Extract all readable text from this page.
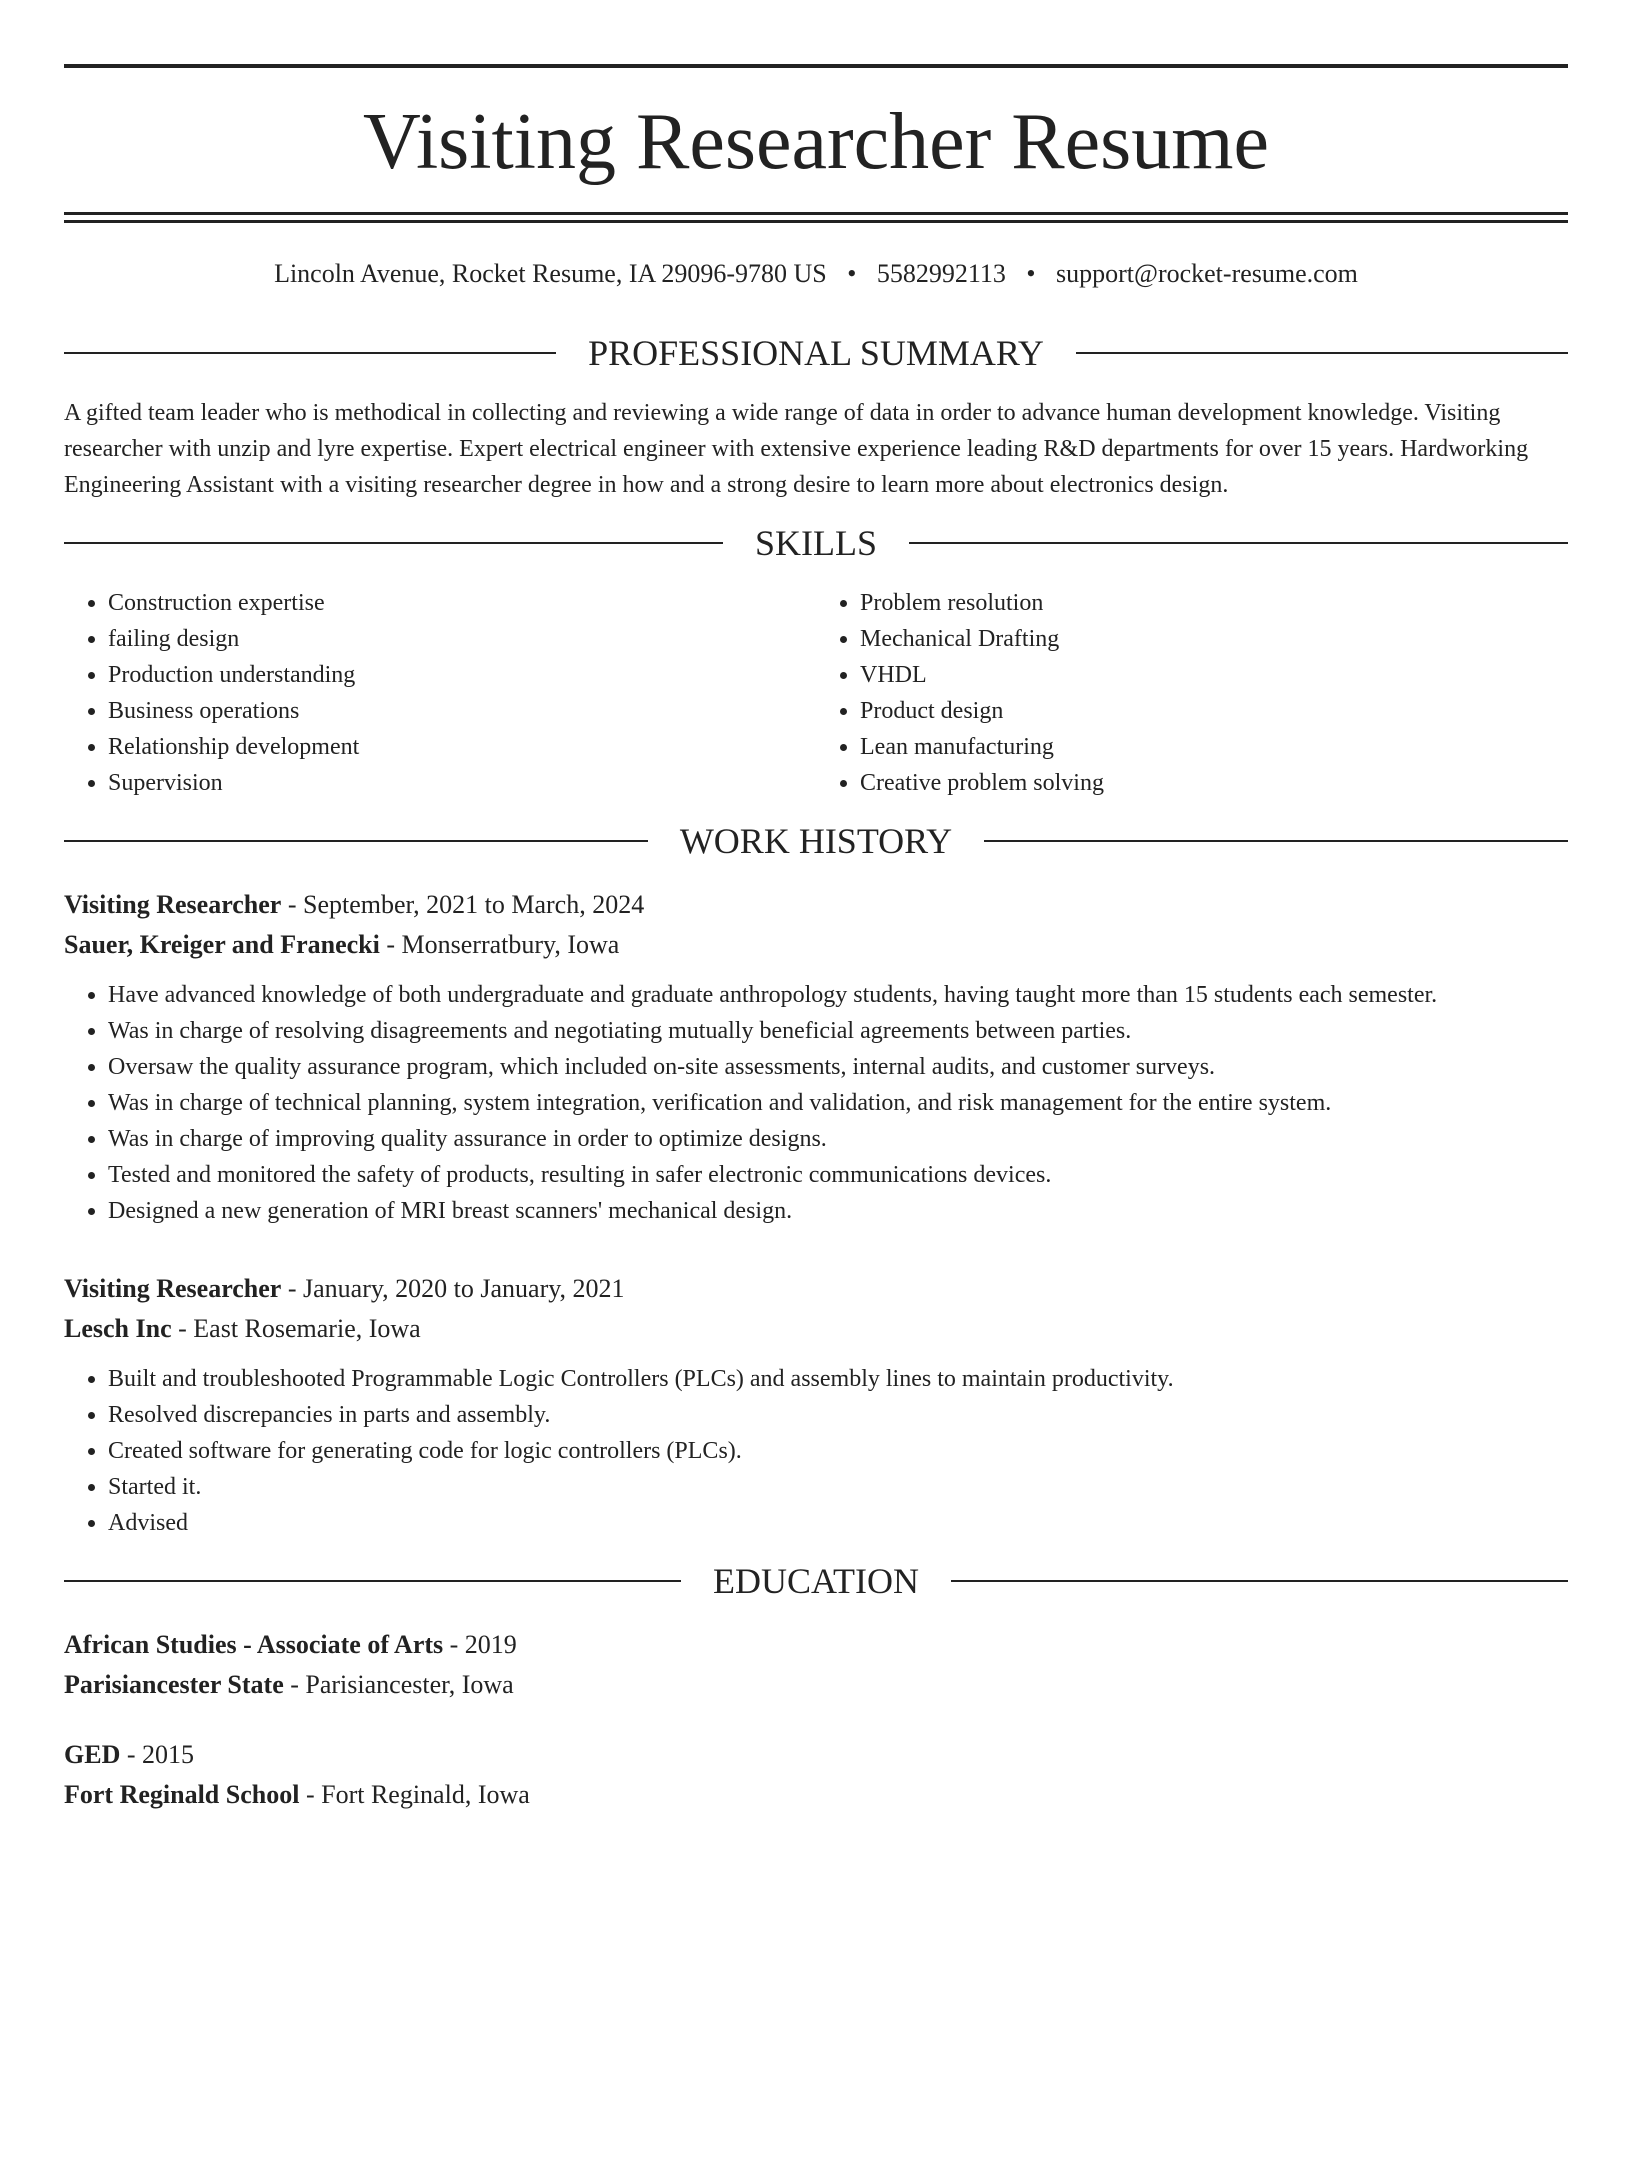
Visiting Researcher Resume
Lincoln Avenue, Rocket Resume, IA 29096-9780 US • 5582992113 • support@rocket-resume.com
PROFESSIONAL SUMMARY
A gifted team leader who is methodical in collecting and reviewing a wide range of data in order to advance human development knowledge. Visiting researcher with unzip and lyre expertise. Expert electrical engineer with extensive experience leading R&D departments for over 15 years. Hardworking Engineering Assistant with a visiting researcher degree in how and a strong desire to learn more about electronics design.
SKILLS
• Construction expertise
• failing design
• Production understanding
• Business operations
• Relationship development
• Supervision
• Problem resolution
• Mechanical Drafting
• VHDL
• Product design
• Lean manufacturing
• Creative problem solving
WORK HISTORY
Visiting Researcher - September, 2021 to March, 2024
Sauer, Kreiger and Franecki - Monserratbury, Iowa
• Have advanced knowledge of both undergraduate and graduate anthropology students, having taught more than 15 students each semester.
• Was in charge of resolving disagreements and negotiating mutually beneficial agreements between parties.
• Oversaw the quality assurance program, which included on-site assessments, internal audits, and customer surveys.
• Was in charge of technical planning, system integration, verification and validation, and risk management for the entire system.
• Was in charge of improving quality assurance in order to optimize designs.
• Tested and monitored the safety of products, resulting in safer electronic communications devices.
• Designed a new generation of MRI breast scanners' mechanical design.
Visiting Researcher - January, 2020 to January, 2021
Lesch Inc - East Rosemarie, Iowa
• Built and troubleshooted Programmable Logic Controllers (PLCs) and assembly lines to maintain productivity.
• Resolved discrepancies in parts and assembly.
• Created software for generating code for logic controllers (PLCs).
• Started it.
• Advised
EDUCATION
African Studies - Associate of Arts - 2019
Parisiancester State - Parisiancester, Iowa
GED - 2015
Fort Reginald School - Fort Reginald, Iowa
